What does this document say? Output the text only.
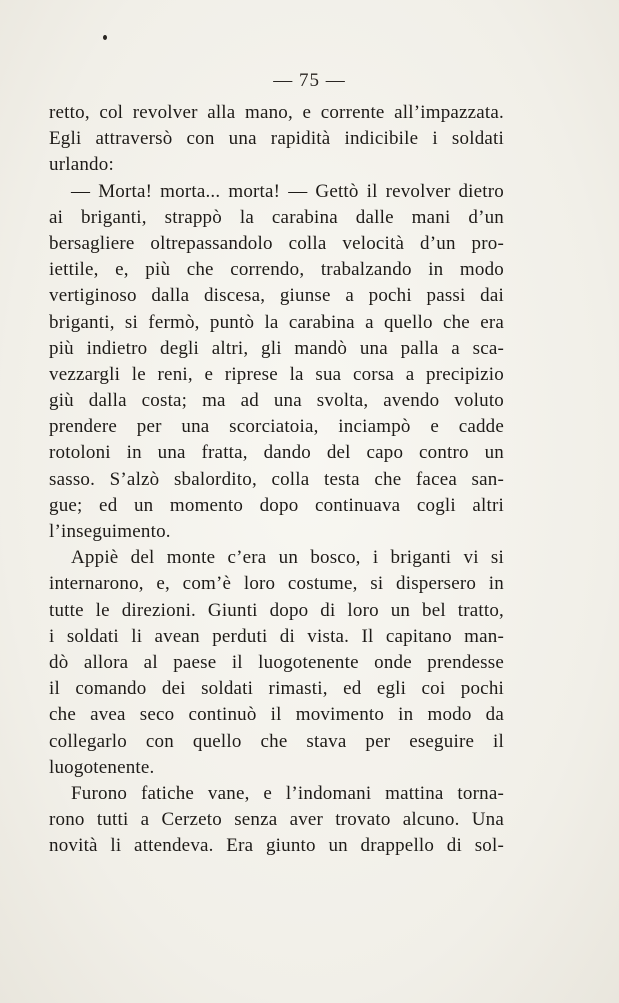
— 75 —
retto, col revolver alla mano, e corrente all’impazzata.
Egli attraversò con una rapidità indicibile i soldati
urlando:
— Morta! morta... morta! — Gettò il revolver dietro
ai briganti, strappò la carabina dalle mani d’un
bersagliere oltrepassandolo colla velocità d’un pro-
iettile, e, più che correndo, trabalzando in modo
vertiginoso dalla discesa, giunse a pochi passi dai
briganti, si fermò, puntò la carabina a quello che era
più indietro degli altri, gli mandò una palla a sca-
vezzargli le reni, e riprese la sua corsa a precipizio
giù dalla costa; ma ad una svolta, avendo voluto
prendere per una scorciatoia, inciampò e cadde
rotoloni in una fratta, dando del capo contro un
sasso. S’alzò sbalordito, colla testa che facea san-
gue; ed un momento dopo continuava cogli altri
l’inseguimento.
Appiè del monte c’era un bosco, i briganti vi si
internarono, e, com’è loro costume, si dispersero in
tutte le direzioni. Giunti dopo di loro un bel tratto,
i soldati li avean perduti di vista. Il capitano man-
dò allora al paese il luogotenente onde prendesse
il comando dei soldati rimasti, ed egli coi pochi
che avea seco continuò il movimento in modo da
collegarlo con quello che stava per eseguire il
luogotenente.
Furono fatiche vane, e l’indomani mattina torna-
rono tutti a Cerzeto senza aver trovato alcuno. Una
novità li attendeva. Era giunto un drappello di sol-
